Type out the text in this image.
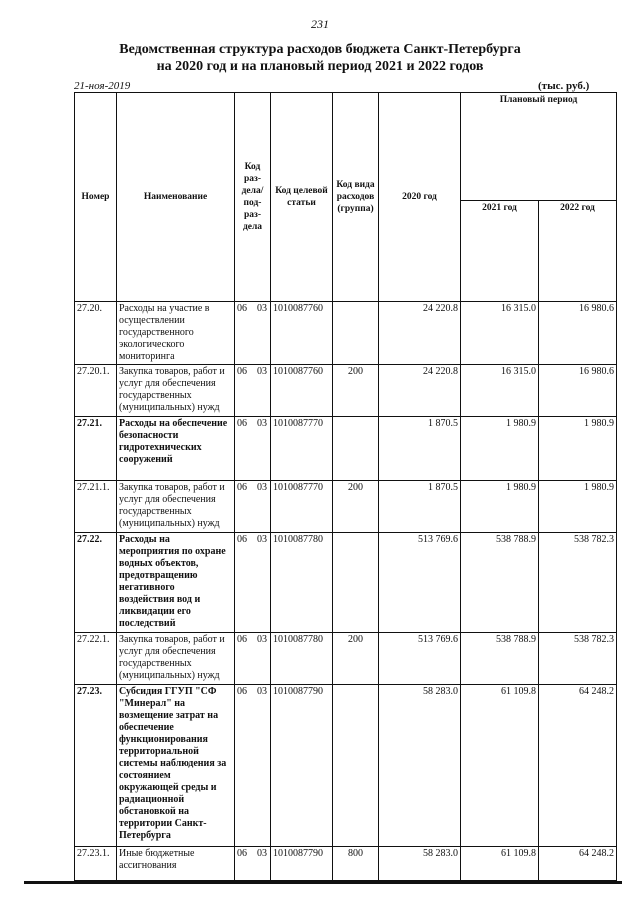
231
Ведомственная структура расходов бюджета Санкт-Петербурга
на 2020 год и на плановый период 2021 и 2022 годов
21-ноя-2019	(тыс. руб.)
Номер	Наименование	Код раз-дела/ под-раз-дела	Код целевой статьи	Код вида расходов (группа)	2020 год	Плановый период	
						2021 год	2022 год
27.20.	Расходы на участие в осуществлении государственного экологического мониторинга	06 03	1010087760		24 220.8	16 315.0	16 980.6
27.20.1.	Закупка товаров, работ и услуг для обеспечения государственных (муниципальных) нужд	06 03	1010087760	200	24 220.8	16 315.0	16 980.6
27.21.	Расходы на обеспечение безопасности гидротехнических сооружений	06 03	1010087770		1 870.5	1 980.9	1 980.9
27.21.1.	Закупка товаров, работ и услуг для обеспечения государственных (муниципальных) нужд	06 03	1010087770	200	1 870.5	1 980.9	1 980.9
27.22.	Расходы на мероприятия по охране водных объектов, предотвращению негативного воздействия вод и ликвидации его последствий	06 03	1010087780		513 769.6	538 788.9	538 782.3
27.22.1.	Закупка товаров, работ и услуг для обеспечения государственных (муниципальных) нужд	06 03	1010087780	200	513 769.6	538 788.9	538 782.3
27.23.	Субсидия ГГУП "СФ "Минерал" на возмещение затрат на обеспечение функционирования территориальной системы наблюдения за состоянием окружающей среды и радиационной обстановкой на территории Санкт-Петербурга	06 03	1010087790		58 283.0	61 109.8	64 248.2
27.23.1.	Иные бюджетные ассигнования	06 03	1010087790	800	58 283.0	61 109.8	64 248.2
